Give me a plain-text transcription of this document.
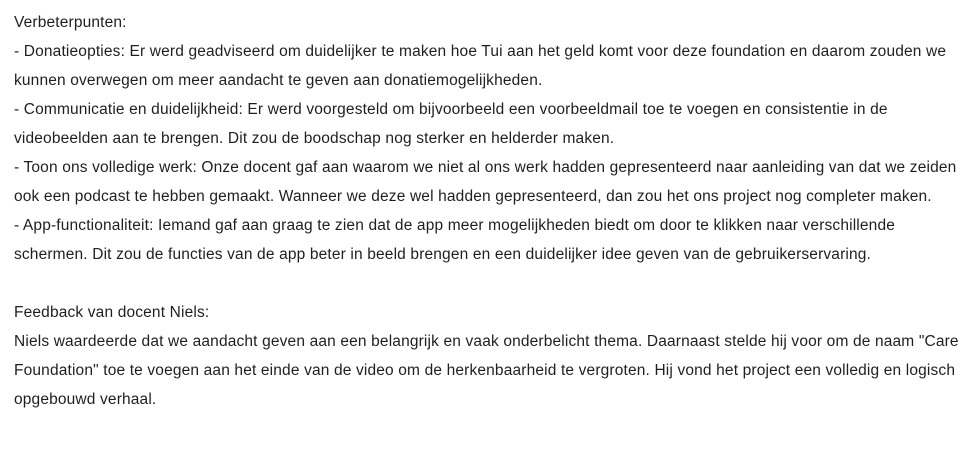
Verbeterpunten:

- Donatieopties: Er werd geadviseerd om duidelijker te maken hoe Tui aan het geld komt voor deze foundation en daarom zouden we kunnen overwegen om meer aandacht te geven aan donatiemogelijkheden.

- Communicatie en duidelijkheid: Er werd voorgesteld om bijvoorbeeld een voorbeeldmail toe te voegen en consistentie in de videobeelden aan te brengen. Dit zou de boodschap nog sterker en helderder maken.

- Toon ons volledige werk: Onze docent gaf aan waarom we niet al ons werk hadden gepresenteerd naar aanleiding van dat we zeiden ook een podcast te hebben gemaakt. Wanneer we deze wel hadden gepresenteerd, dan zou het ons project nog completer maken.

- App-functionaliteit: Iemand gaf aan graag te zien dat de app meer mogelijkheden biedt om door te klikken naar verschillende schermen. Dit zou de functies van de app beter in beeld brengen en een duidelijker idee geven van de gebruikerservaring.

Feedback van docent Niels:

Niels waardeerde dat we aandacht geven aan een belangrijk en vaak onderbelicht thema. Daarnaast stelde hij voor om de naam "Care Foundation" toe te voegen aan het einde van de video om de herkenbaarheid te vergroten. Hij vond het project een volledig en logisch opgebouwd verhaal.
